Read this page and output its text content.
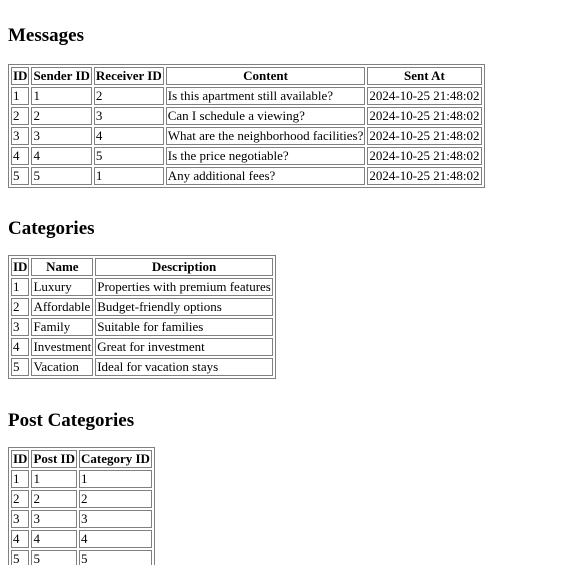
Messages
ID	Sender ID	Receiver ID	Content	Sent At
1	1	2	Is this apartment still available?	2024-10-25 21:48:02
2	2	3	Can I schedule a viewing?	2024-10-25 21:48:02
3	3	4	What are the neighborhood facilities?	2024-10-25 21:48:02
4	4	5	Is the price negotiable?	2024-10-25 21:48:02
5	5	1	Any additional fees?	2024-10-25 21:48:02
Categories
ID	Name	Description
1	Luxury	Properties with premium features
2	Affordable	Budget-friendly options
3	Family	Suitable for families
4	Investment	Great for investment
5	Vacation	Ideal for vacation stays
Post Categories
ID	Post ID	Category ID
1	1	1
2	2	2
3	3	3
4	4	4
5	5	5
